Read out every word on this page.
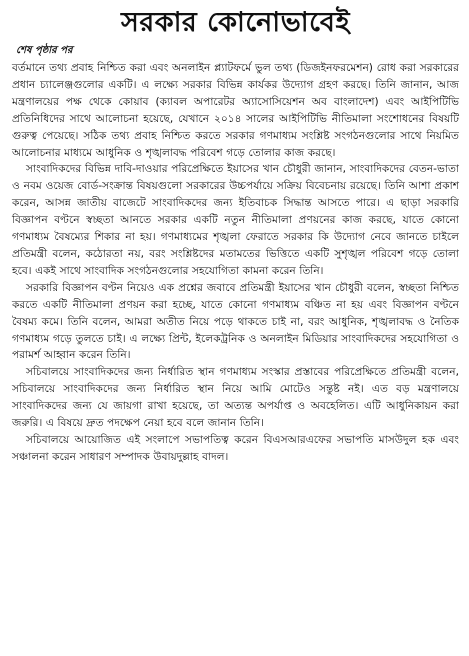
সরকার কোনোভাবেই
শেষ পৃষ্ঠার পর

বর্তমানে তথ্য প্রবাহ নিশ্চিত করা এবং অনলাইন প্ল্যাটফর্মে ভুল তথ্য (ডিজইনফরমেশন) রোধ করা সরকারের প্রধান চ্যালেঞ্জগুলোর একটি। এ লক্ষ্যে সরকার বিভিন্ন কার্যকর উদ্যোগ গ্রহণ করছে। তিনি জানান, আজ মন্ত্রণালয়ের পক্ষ থেকে কোয়াব (ক্যাবল অপারেটর অ্যাসোসিয়েশন অব বাংলাদেশ) এবং আইপিটিভি প্রতিনিধিদের সাথে আলোচনা হয়েছে, যেখানে ২০১৪ সালের আইপিটিভি নীতিমালা সংশোধনের বিষয়টি গুরুত্ব পেয়েছে। সঠিক তথ্য প্রবাহ নিশ্চিত করতে সরকার গণমাধ্যম সংশ্লিষ্ট সংগঠনগুলোর সাথে নিয়মিত আলোচনার মাধ্যমে আধুনিক ও শৃঙ্খলাবদ্ধ পরিবেশ গড়ে তোলার কাজ করছে।

সাংবাদিকদের বিভিন্ন দাবি-দাওয়ার পরিপ্রেক্ষিতে ইয়াসের খান চৌধুরী জানান, সাংবাদিকদের বেতন-ভাতা ও নবম ওয়েজ বোর্ড-সংক্রান্ত বিষয়গুলো সরকারের উচ্চপর্যায়ে সক্রিয় বিবেচনায় রয়েছে। তিনি আশা প্রকাশ করেন, আসন্ন জাতীয় বাজেটে সাংবাদিকদের জন্য ইতিবাচক সিদ্ধান্ত আসতে পারে। এ ছাড়া সরকারি বিজ্ঞাপন বণ্টনে স্বচ্ছতা আনতে সরকার একটি নতুন নীতিমালা প্রণয়নের কাজ করছে, যাতে কোনো গণমাধ্যম বৈষম্যের শিকার না হয়। গণমাধ্যমের শৃঙ্খলা ফেরাতে সরকার কি উদ্যোগ নেবে জানতে চাইলে প্রতিমন্ত্রী বলেন, কঠোরতা নয়, বরং সংশ্লিষ্টদের মতামতের ভিত্তিতে একটি সুশৃঙ্খল পরিবেশ গড়ে তোলা হবে। একই সাথে সাংবাদিক সংগঠনগুলোর সহযোগিতা কামনা করেন তিনি।

সরকারি বিজ্ঞাপন বণ্টন নিয়েও এক প্রশ্নের জবাবে প্রতিমন্ত্রী ইয়াসের খান চৌধুরী বলেন, স্বচ্ছতা নিশ্চিত করতে একটি নীতিমালা প্রণয়ন করা হচ্ছে, যাতে কোনো গণমাধ্যম বঞ্চিত না হয় এবং বিজ্ঞাপন বণ্টনে বৈষম্য কমে। তিনি বলেন, আমরা অতীত নিয়ে পড়ে থাকতে চাই না, বরং আধুনিক, শৃঙ্খলাবদ্ধ ও নৈতিক গণমাধ্যম গড়ে তুলতে চাই। এ লক্ষ্যে প্রিন্ট, ইলেকট্রনিক ও অনলাইন মিডিয়ার সাংবাদিকদের সহযোগিতা ও পরামর্শ আহ্বান করেন তিনি।

সচিবালয়ে সাংবাদিকদের জন্য নির্ধারিত স্থান গণমাধ্যম সংস্কার প্রস্তাবের পরিপ্রেক্ষিতে প্রতিমন্ত্রী বলেন, সচিবালয়ে সাংবাদিকদের জন্য নির্ধারিত স্থান নিয়ে আমি মোটেও সন্তুষ্ট নই। এত বড় মন্ত্রণালয়ে সাংবাদিকদের জন্য যে জায়গা রাখা হয়েছে, তা অত্যন্ত অপর্যাপ্ত ও অবহেলিত। এটি আধুনিকায়ন করা জরুরি। এ বিষয়ে দ্রুত পদক্ষেপ নেয়া হবে বলে জানান তিনি।

সচিবালয়ে আয়োজিত এই সংলাপে সভাপতিত্ব করেন বিএসআরএফের সভাপতি মাসউদুল হক এবং সঞ্চালনা করেন সাধারণ সম্পাদক উবায়দুল্লাহ বাদল।
